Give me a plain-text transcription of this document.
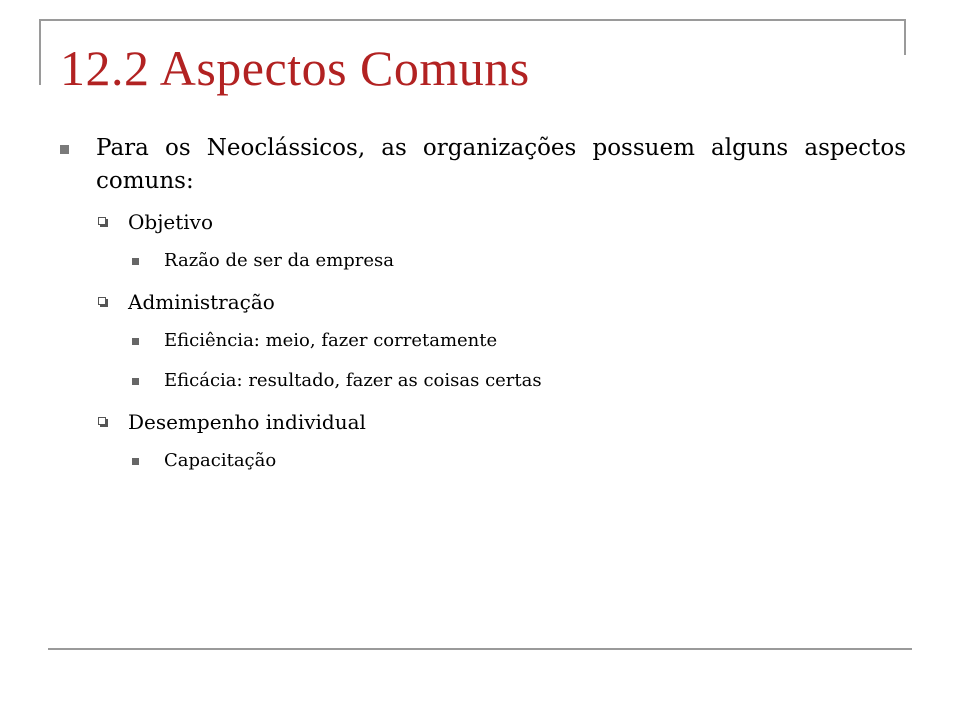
12.2 Aspectos Comuns
Para os Neoclássicos, as organizações possuem alguns aspectos comuns:
Objetivo
Razão de ser da empresa
Administração
Eficiência: meio, fazer corretamente
Eficácia: resultado, fazer as coisas certas
Desempenho individual
Capacitação
